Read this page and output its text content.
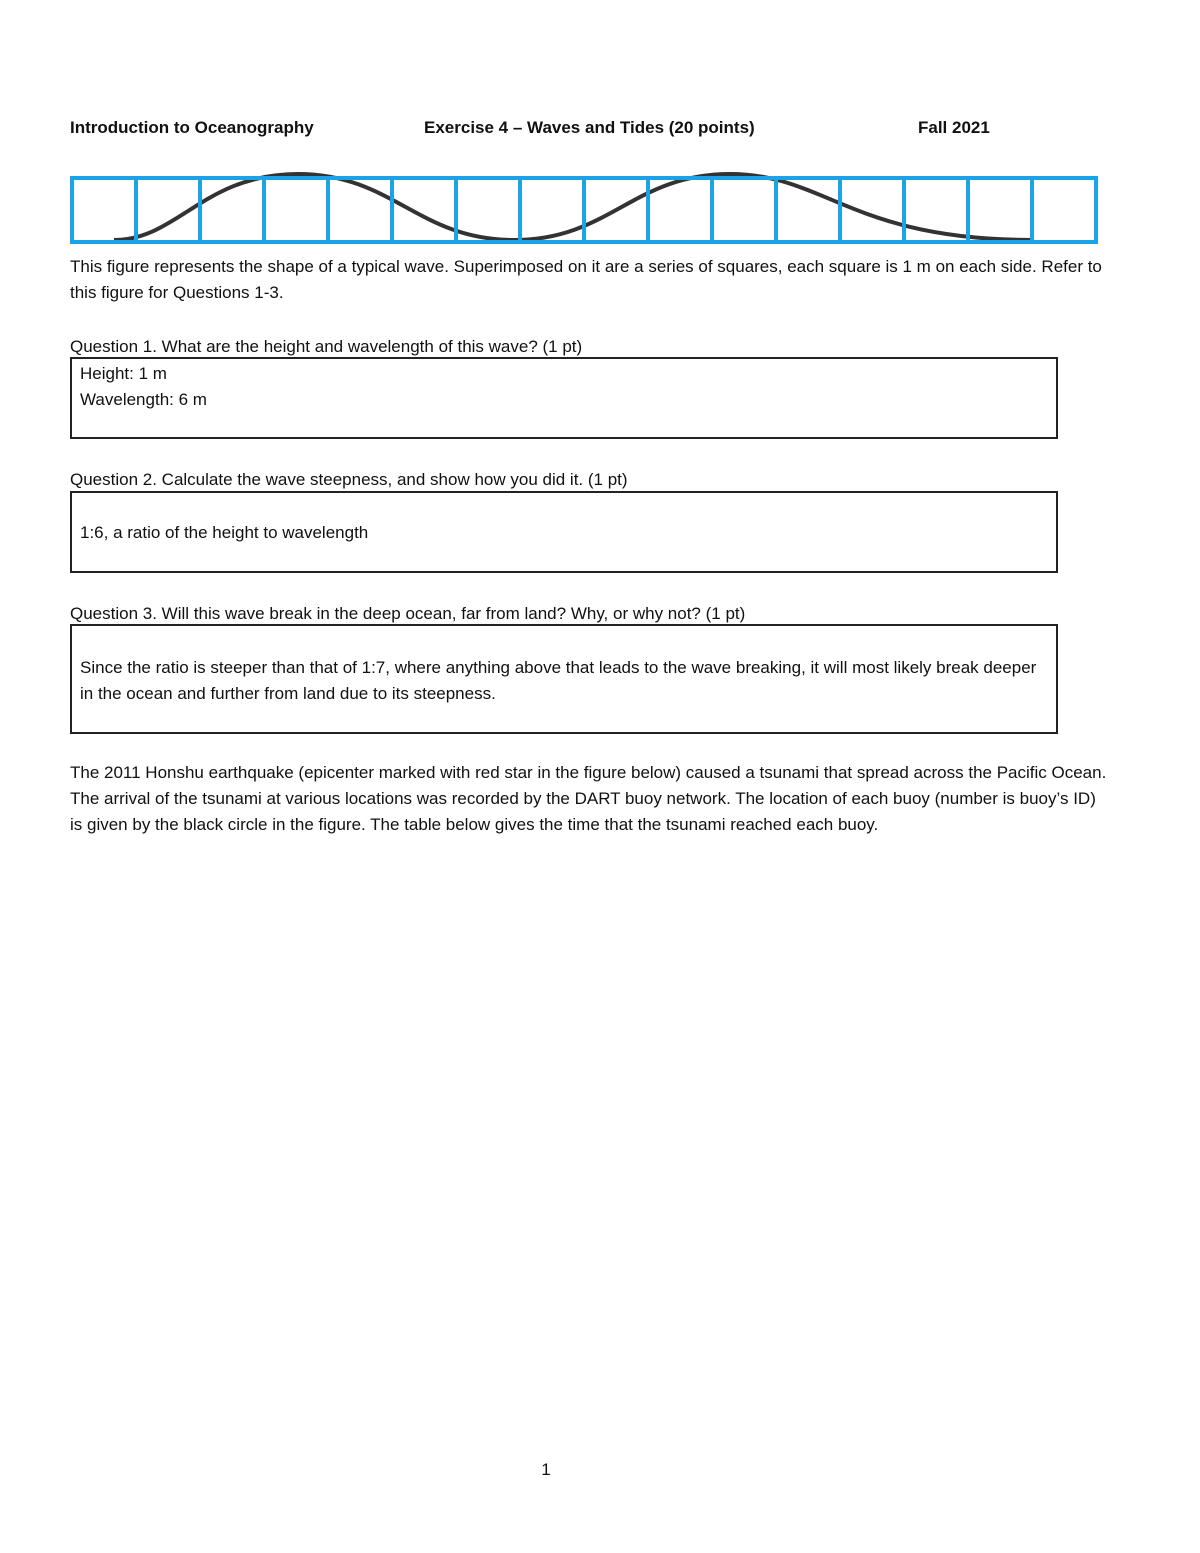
Introduction to Oceanography	Exercise 4 – Waves and Tides (20 points)	Fall 2021
This figure represents the shape of a typical wave. Superimposed on it are a series of squares, each square is 1 m on each side. Refer to this figure for Questions 1-3.
Question 1. What are the height and wavelength of this wave? (1 pt)
Height: 1 m
Wavelength: 6 m
Question 2. Calculate the wave steepness, and show how you did it. (1 pt)
1:6, a ratio of the height to wavelength
Question 3. Will this wave break in the deep ocean, far from land? Why, or why not? (1 pt)
Since the ratio is steeper than that of 1:7, where anything above that leads to the wave breaking, it will most likely break deeper in the ocean and further from land due to its steepness.
The 2011 Honshu earthquake (epicenter marked with red star in the figure below) caused a tsunami that spread across the Pacific Ocean. The arrival of the tsunami at various locations was recorded by the DART buoy network. The location of each buoy (number is buoy’s ID) is given by the black circle in the figure. The table below gives the time that the tsunami reached each buoy.
1
